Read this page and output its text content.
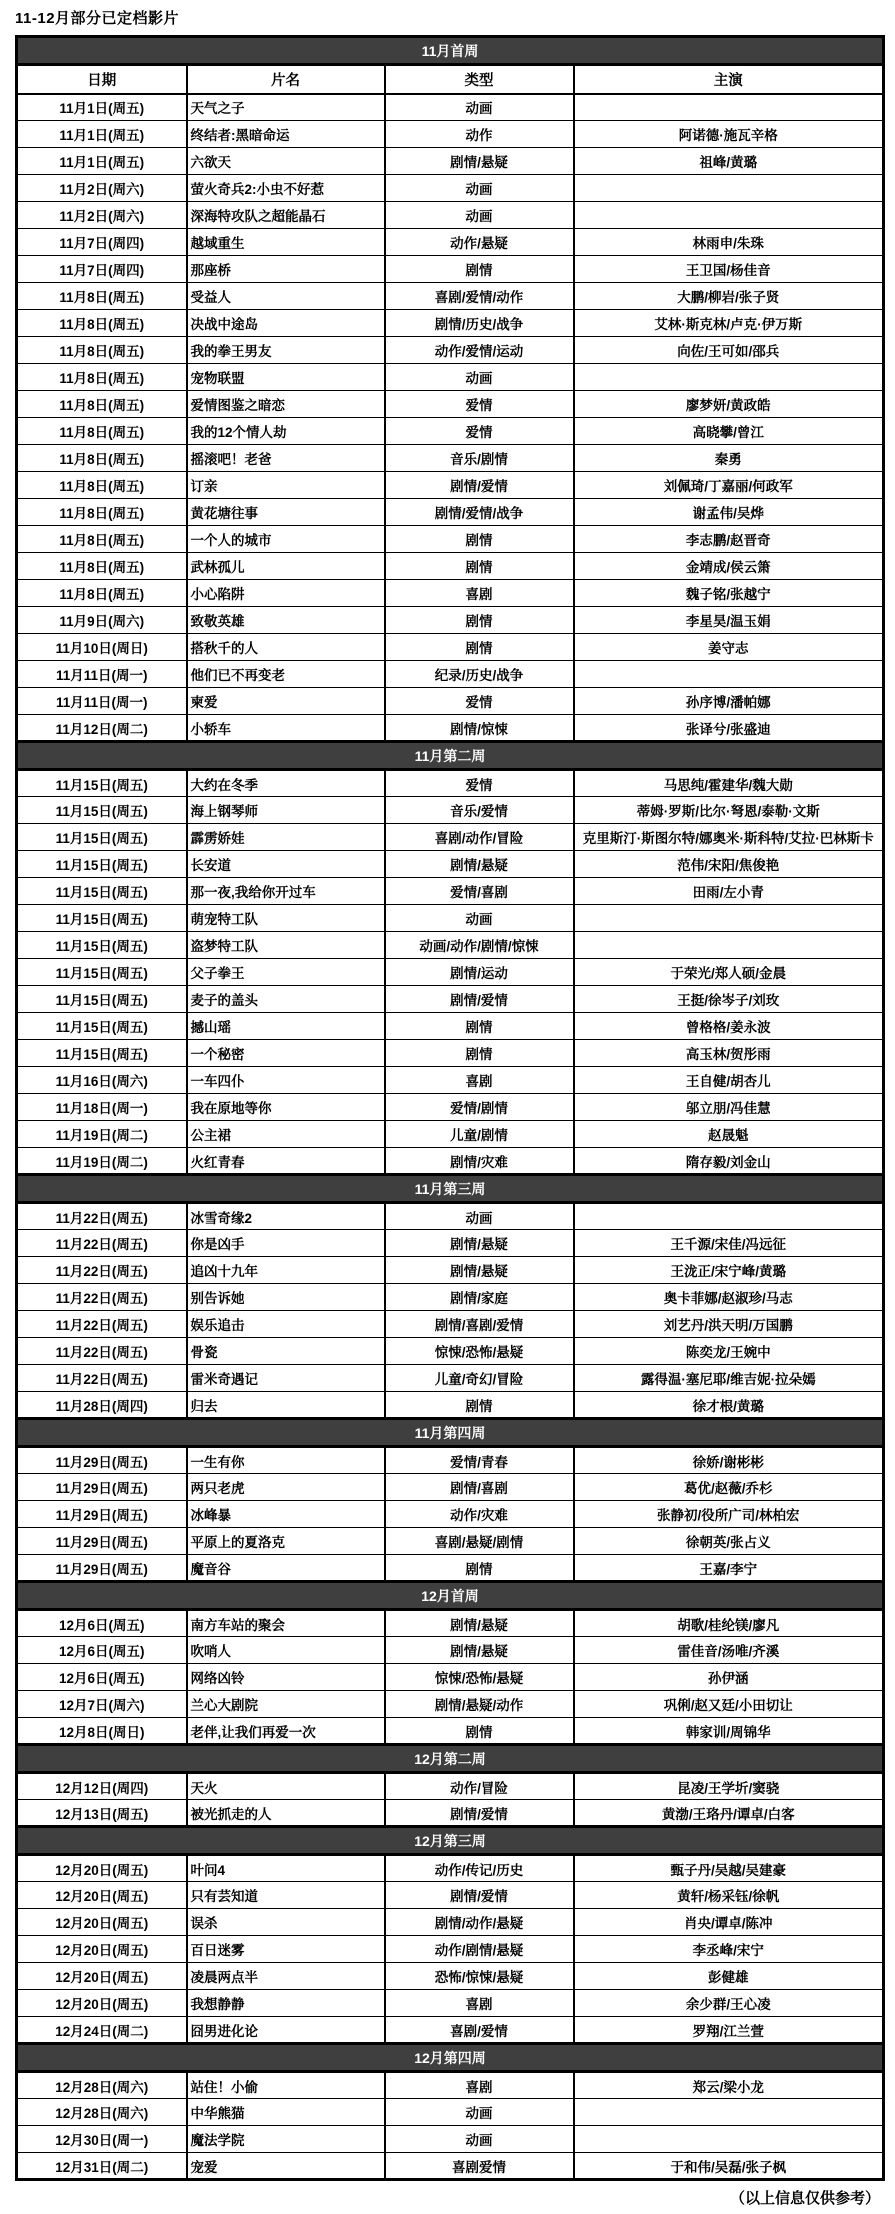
11-12月部分已定档影片
11月首周			
日期	片名	类型	主演
11月1日(周五)	天气之子	动画	
11月1日(周五)	终结者:黑暗命运	动作	阿诺德·施瓦辛格
11月1日(周五)	六欲天	剧情/悬疑	祖峰/黄璐
11月2日(周六)	萤火奇兵2:小虫不好惹	动画	
11月2日(周六)	深海特攻队之超能晶石	动画	
11月7日(周四)	越域重生	动作/悬疑	林雨申/朱珠
11月7日(周四)	那座桥	剧情	王卫国/杨佳音
11月8日(周五)	受益人	喜剧/爱情/动作	大鹏/柳岩/张子贤
11月8日(周五)	决战中途岛	剧情/历史/战争	艾林·斯克林/卢克·伊万斯
11月8日(周五)	我的拳王男友	动作/爱情/运动	向佐/王可如/邵兵
11月8日(周五)	宠物联盟	动画	
11月8日(周五)	爱情图鉴之暗恋	爱情	廖梦妍/黄政皓
11月8日(周五)	我的12个情人劫	爱情	高晓攀/曾江
11月8日(周五)	摇滚吧！老爸	音乐/剧情	秦勇
11月8日(周五)	订亲	剧情/爱情	刘佩琦/丁嘉丽/何政军
11月8日(周五)	黄花塘往事	剧情/爱情/战争	谢孟伟/吴烨
11月8日(周五)	一个人的城市	剧情	李志鹏/赵晋奇
11月8日(周五)	武林孤儿	剧情	金靖成/侯云箫
11月8日(周五)	小心陷阱	喜剧	魏子铭/张越宁
11月9日(周六)	致敬英雄	剧情	李星昊/温玉娟
11月10日(周日)	搭秋千的人	剧情	姜守志
11月11日(周一)	他们已不再变老	纪录/历史/战争	
11月11日(周一)	柬爱	爱情	孙序博/潘帕娜
11月12日(周二)	小轿车	剧情/惊悚	张译兮/张盛迪
11月第二周			
11月15日(周五)	大约在冬季	爱情	马思纯/霍建华/魏大勋
11月15日(周五)	海上钢琴师	音乐/爱情	蒂姆·罗斯/比尔·弩恩/泰勒·文斯
11月15日(周五)	霹雳娇娃	喜剧/动作/冒险	克里斯汀·斯图尔特/娜奥米·斯科特/艾拉·巴林斯卡
11月15日(周五)	长安道	剧情/悬疑	范伟/宋阳/焦俊艳
11月15日(周五)	那一夜,我给你开过车	爱情/喜剧	田雨/左小青
11月15日(周五)	萌宠特工队	动画	
11月15日(周五)	盗梦特工队	动画/动作/剧情/惊悚	
11月15日(周五)	父子拳王	剧情/运动	于荣光/郑人硕/金晨
11月15日(周五)	麦子的盖头	剧情/爱情	王挺/徐岑子/刘玫
11月15日(周五)	撼山瑶	剧情	曾格格/姜永波
11月15日(周五)	一个秘密	剧情	高玉林/贺彤雨
11月16日(周六)	一车四仆	喜剧	王自健/胡杏儿
11月18日(周一)	我在原地等你	爱情/剧情	邬立朋/冯佳慧
11月19日(周二)	公主裙	儿童/剧情	赵晟魁
11月19日(周二)	火红青春	剧情/灾难	隋存毅/刘金山
11月第三周			
11月22日(周五)	冰雪奇缘2	动画	
11月22日(周五)	你是凶手	剧情/悬疑	王千源/宋佳/冯远征
11月22日(周五)	追凶十九年	剧情/悬疑	王泷正/宋宁峰/黄璐
11月22日(周五)	别告诉她	剧情/家庭	奥卡菲娜/赵淑珍/马志
11月22日(周五)	娱乐追击	剧情/喜剧/爱情	刘艺丹/洪天明/万国鹏
11月22日(周五)	骨瓷	惊悚/恐怖/悬疑	陈奕龙/王婉中
11月22日(周五)	雷米奇遇记	儿童/奇幻/冒险	露得温·塞尼耶/维吉妮·拉朵嫣
11月28日(周四)	归去	剧情	徐才根/黄璐
11月第四周			
11月29日(周五)	一生有你	爱情/青春	徐娇/谢彬彬
11月29日(周五)	两只老虎	剧情/喜剧	葛优/赵薇/乔杉
11月29日(周五)	冰峰暴	动作/灾难	张静初/役所广司/林柏宏
11月29日(周五)	平原上的夏洛克	喜剧/悬疑/剧情	徐朝英/张占义
11月29日(周五)	魔音谷	剧情	王嘉/李宁
12月首周			
12月6日(周五)	南方车站的聚会	剧情/悬疑	胡歌/桂纶镁/廖凡
12月6日(周五)	吹哨人	剧情/悬疑	雷佳音/汤唯/齐溪
12月6日(周五)	网络凶铃	惊悚/恐怖/悬疑	孙伊涵
12月7日(周六)	兰心大剧院	剧情/悬疑/动作	巩俐/赵又廷/小田切让
12月8日(周日)	老伴,让我们再爱一次	剧情	韩家训/周锦华
12月第二周			
12月12日(周四)	天火	动作/冒险	昆凌/王学圻/窦骁
12月13日(周五)	被光抓走的人	剧情/爱情	黄渤/王珞丹/谭卓/白客
12月第三周			
12月20日(周五)	叶问4	动作/传记/历史	甄子丹/吴越/吴建豪
12月20日(周五)	只有芸知道	剧情/爱情	黄轩/杨采钰/徐帆
12月20日(周五)	误杀	剧情/动作/悬疑	肖央/谭卓/陈冲
12月20日(周五)	百日迷雾	动作/剧情/悬疑	李丞峰/宋宁
12月20日(周五)	凌晨两点半	恐怖/惊悚/悬疑	彭健雄
12月20日(周五)	我想静静	喜剧	余少群/王心凌
12月24日(周二)	囧男进化论	喜剧/爱情	罗翔/江兰萱
12月第四周			
12月28日(周六)	站住！小偷	喜剧	郑云/梁小龙
12月28日(周六)	中华熊猫	动画	
12月30日(周一)	魔法学院	动画	
12月31日(周二)	宠爱	喜剧爱情	于和伟/吴磊/张子枫
（以上信息仅供参考）
